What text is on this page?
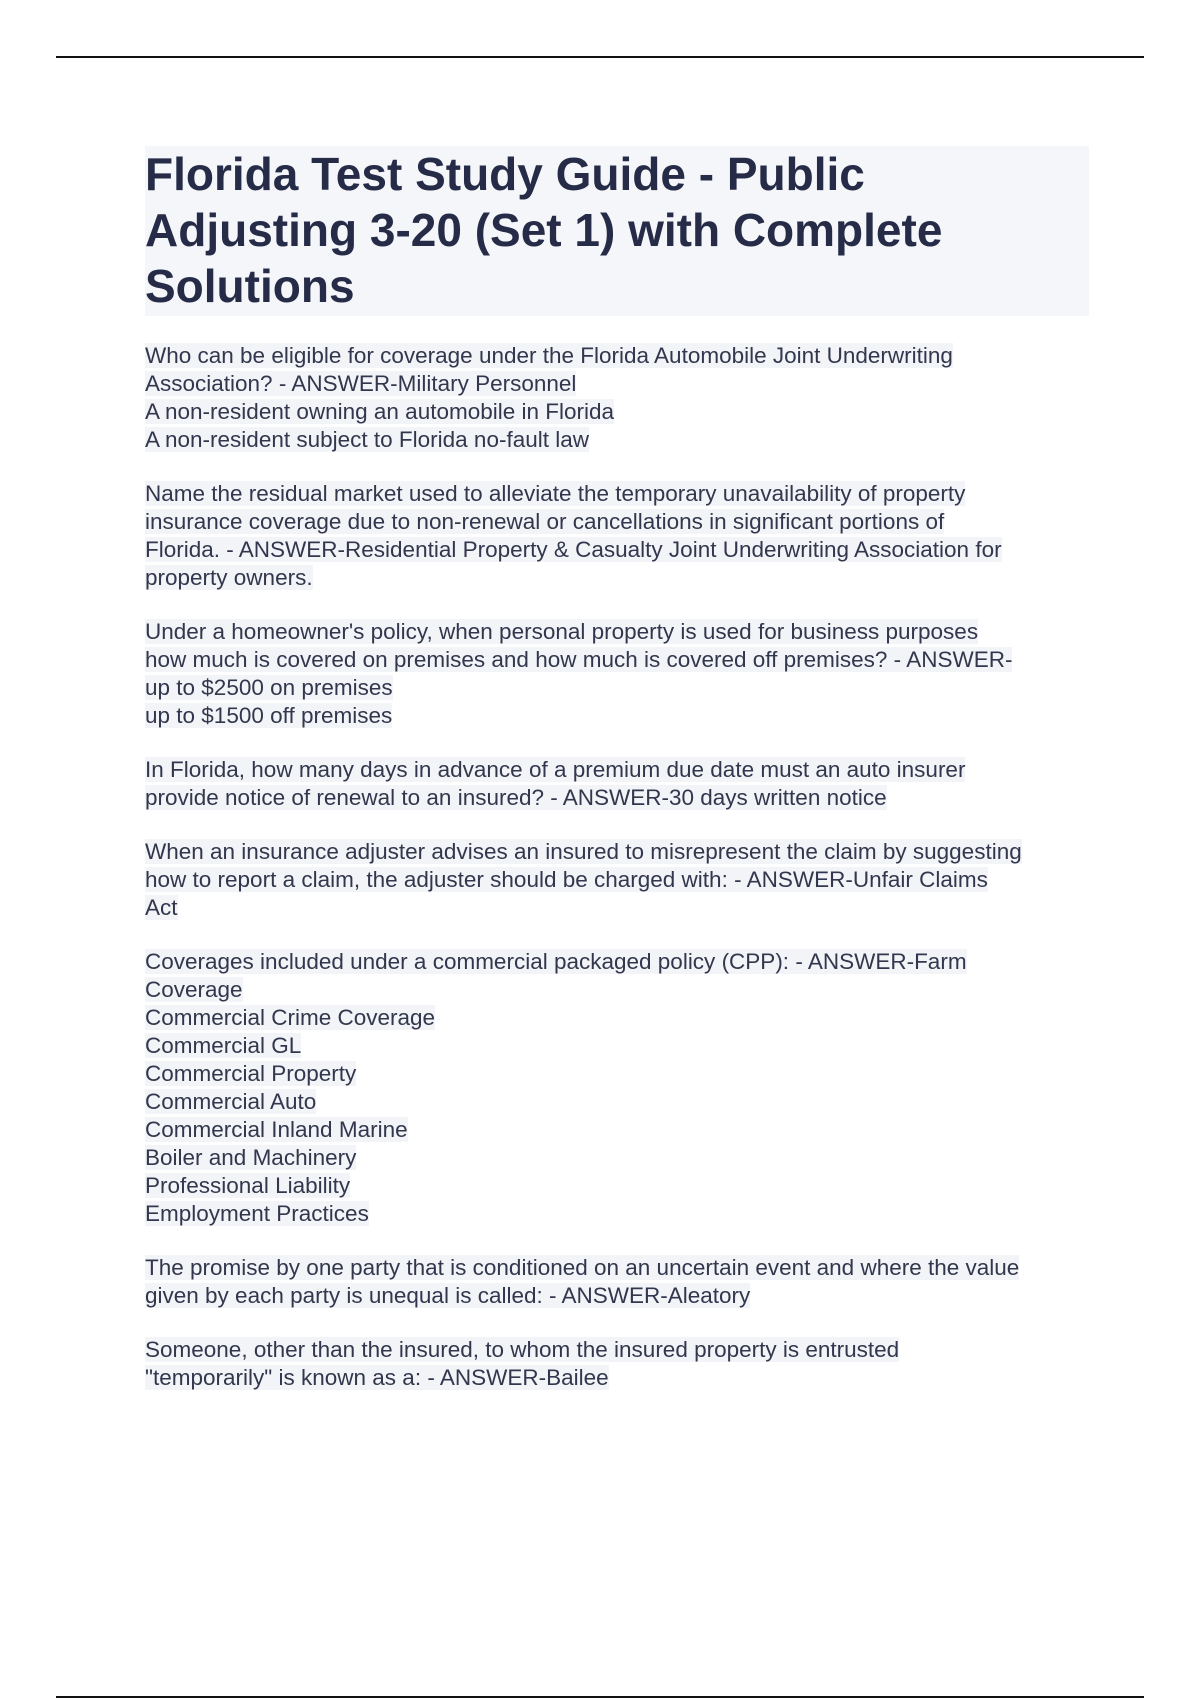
Florida Test Study Guide - Public Adjusting 3-20 (Set 1) with Complete Solutions
Who can be eligible for coverage under the Florida Automobile Joint Underwriting
Association? - ANSWER-Military Personnel
A non-resident owning an automobile in Florida
A non-resident subject to Florida no-fault law
Name the residual market used to alleviate the temporary unavailability of property
insurance coverage due to non-renewal or cancellations in significant portions of
Florida. - ANSWER-Residential Property & Casualty Joint Underwriting Association for
property owners.
Under a homeowner's policy, when personal property is used for business purposes
how much is covered on premises and how much is covered off premises? - ANSWER-
up to $2500 on premises
up to $1500 off premises
In Florida, how many days in advance of a premium due date must an auto insurer
provide notice of renewal to an insured? - ANSWER-30 days written notice
When an insurance adjuster advises an insured to misrepresent the claim by suggesting
how to report a claim, the adjuster should be charged with: - ANSWER-Unfair Claims
Act
Coverages included under a commercial packaged policy (CPP): - ANSWER-Farm
Coverage
Commercial Crime Coverage
Commercial GL
Commercial Property
Commercial Auto
Commercial Inland Marine
Boiler and Machinery
Professional Liability
Employment Practices
The promise by one party that is conditioned on an uncertain event and where the value
given by each party is unequal is called: - ANSWER-Aleatory
Someone, other than the insured, to whom the insured property is entrusted
"temporarily" is known as a: - ANSWER-Bailee
